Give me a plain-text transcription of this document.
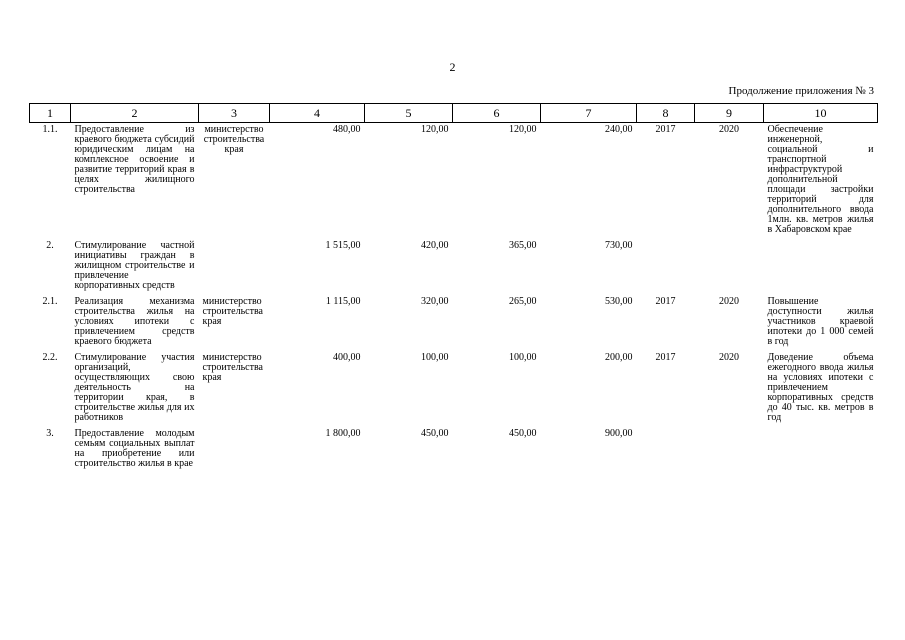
2
Продолжение приложения № 3
1	2	3	4	5	6	7	8	9	10
1.1.	Предоставление из краевого бюджета субсидий юридическим лицам на комплексное освоение и развитие территорий края в целях жилищного строительства	министерство строительства края	480,00	120,00	120,00	240,00	2017	2020	Обеспечение инженерной, социальной и транспортной инфраструктурой дополнительной площади застройки территорий для дополнительного ввода 1млн. кв. метров жилья в Хабаровском крае
2.	Стимулирование частной инициативы граждан в жилищном строительстве и привлечение корпоративных средств		1 515,00	420,00	365,00	730,00			
2.1.	Реализация механизма строительства жилья на условиях ипотеки с привлечением средств краевого бюджета	министерство строительства края	1 115,00	320,00	265,00	530,00	2017	2020	Повышение доступности жилья участников краевой ипотеки до 1 000 семей в год
2.2.	Стимулирование участия организаций, осуществляющих свою деятельность на территории края, в строительстве жилья для их работников	министерство строительства края	400,00	100,00	100,00	200,00	2017	2020	Доведение объема ежегодного ввода жилья на условиях ипотеки с привлечением корпоративных средств до 40 тыс. кв. метров в год
3.	Предоставление молодым семьям социальных выплат на приобретение или строительство жилья в крае		1 800,00	450,00	450,00	900,00			
